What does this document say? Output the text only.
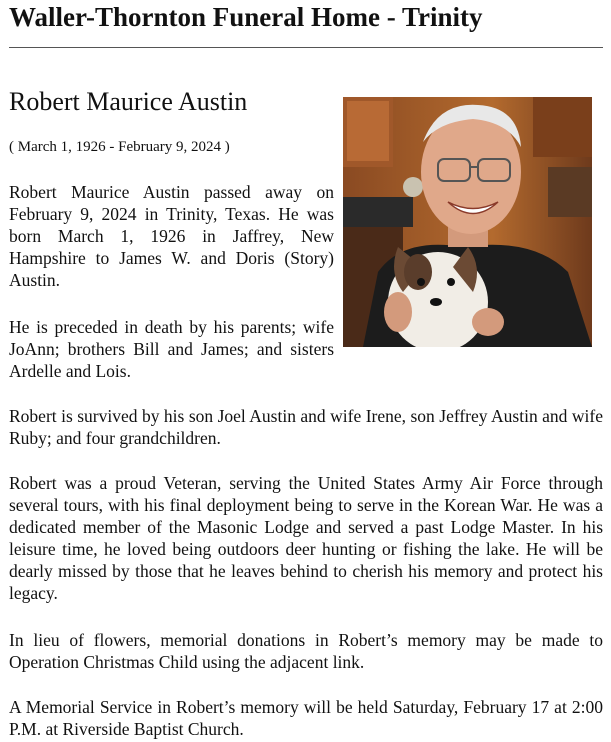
Waller-Thornton Funeral Home - Trinity
Robert Maurice Austin
( March 1, 1926 - February 9, 2024 )
Robert Maurice Austin passed away on February 9, 2024 in Trinity, Texas. He was born March 1, 1926 in Jaffrey, New Hampshire to James W. and Doris (Story) Austin.
He is preceded in death by his parents; wife JoAnn; brothers Bill and James; and sisters Ardelle and Lois.
Robert is survived by his son Joel Austin and wife Irene, son Jeffrey Austin and wife Ruby; and four grandchildren.
Robert was a proud Veteran, serving the United States Army Air Force through several tours, with his final deployment being to serve in the Korean War. He was a dedicated member of the Masonic Lodge and served a past Lodge Master. In his leisure time, he loved being outdoors deer hunting or fishing the lake. He will be dearly missed by those that he leaves behind to cherish his memory and protect his legacy.
In lieu of flowers, memorial donations in Robert’s memory may be made to Operation Christmas Child using the adjacent link.
A Memorial Service in Robert’s memory will be held Saturday, February 17 at 2:00 P.M. at Riverside Baptist Church.
